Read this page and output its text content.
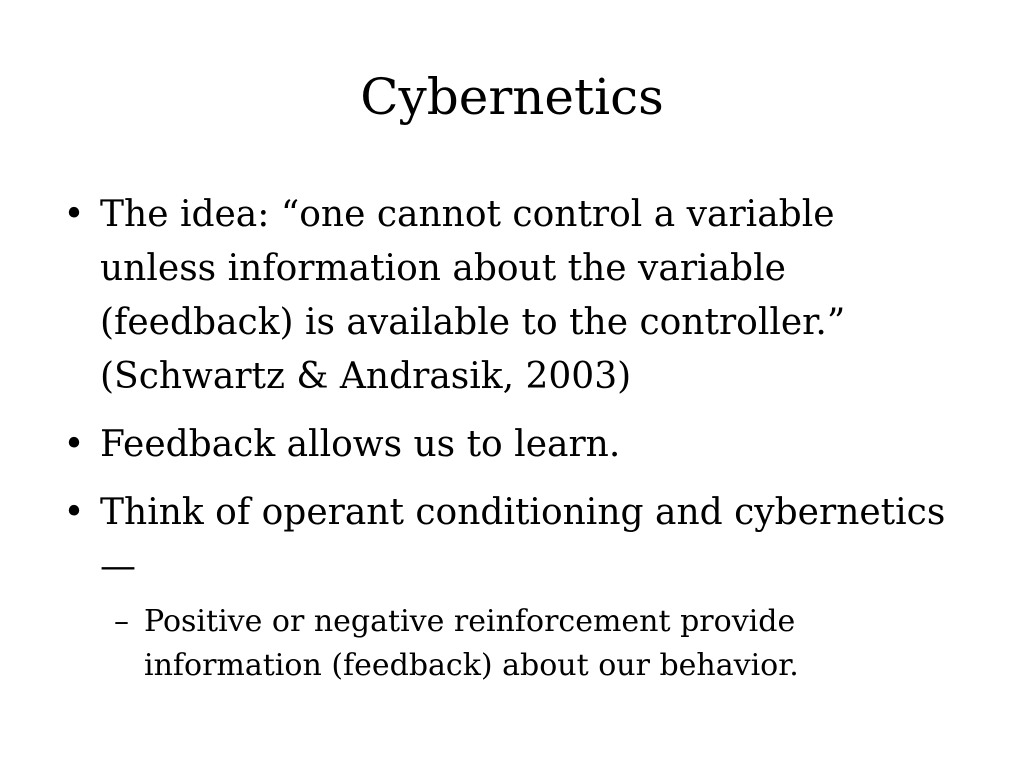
Cybernetics
• The idea: “one cannot control a variable unless information about the variable (feedback) is available to the controller.” (Schwartz & Andrasik, 2003)
• Feedback allows us to learn.
• Think of operant conditioning and cybernetics—
– Positive or negative reinforcement provide information (feedback) about our behavior.
